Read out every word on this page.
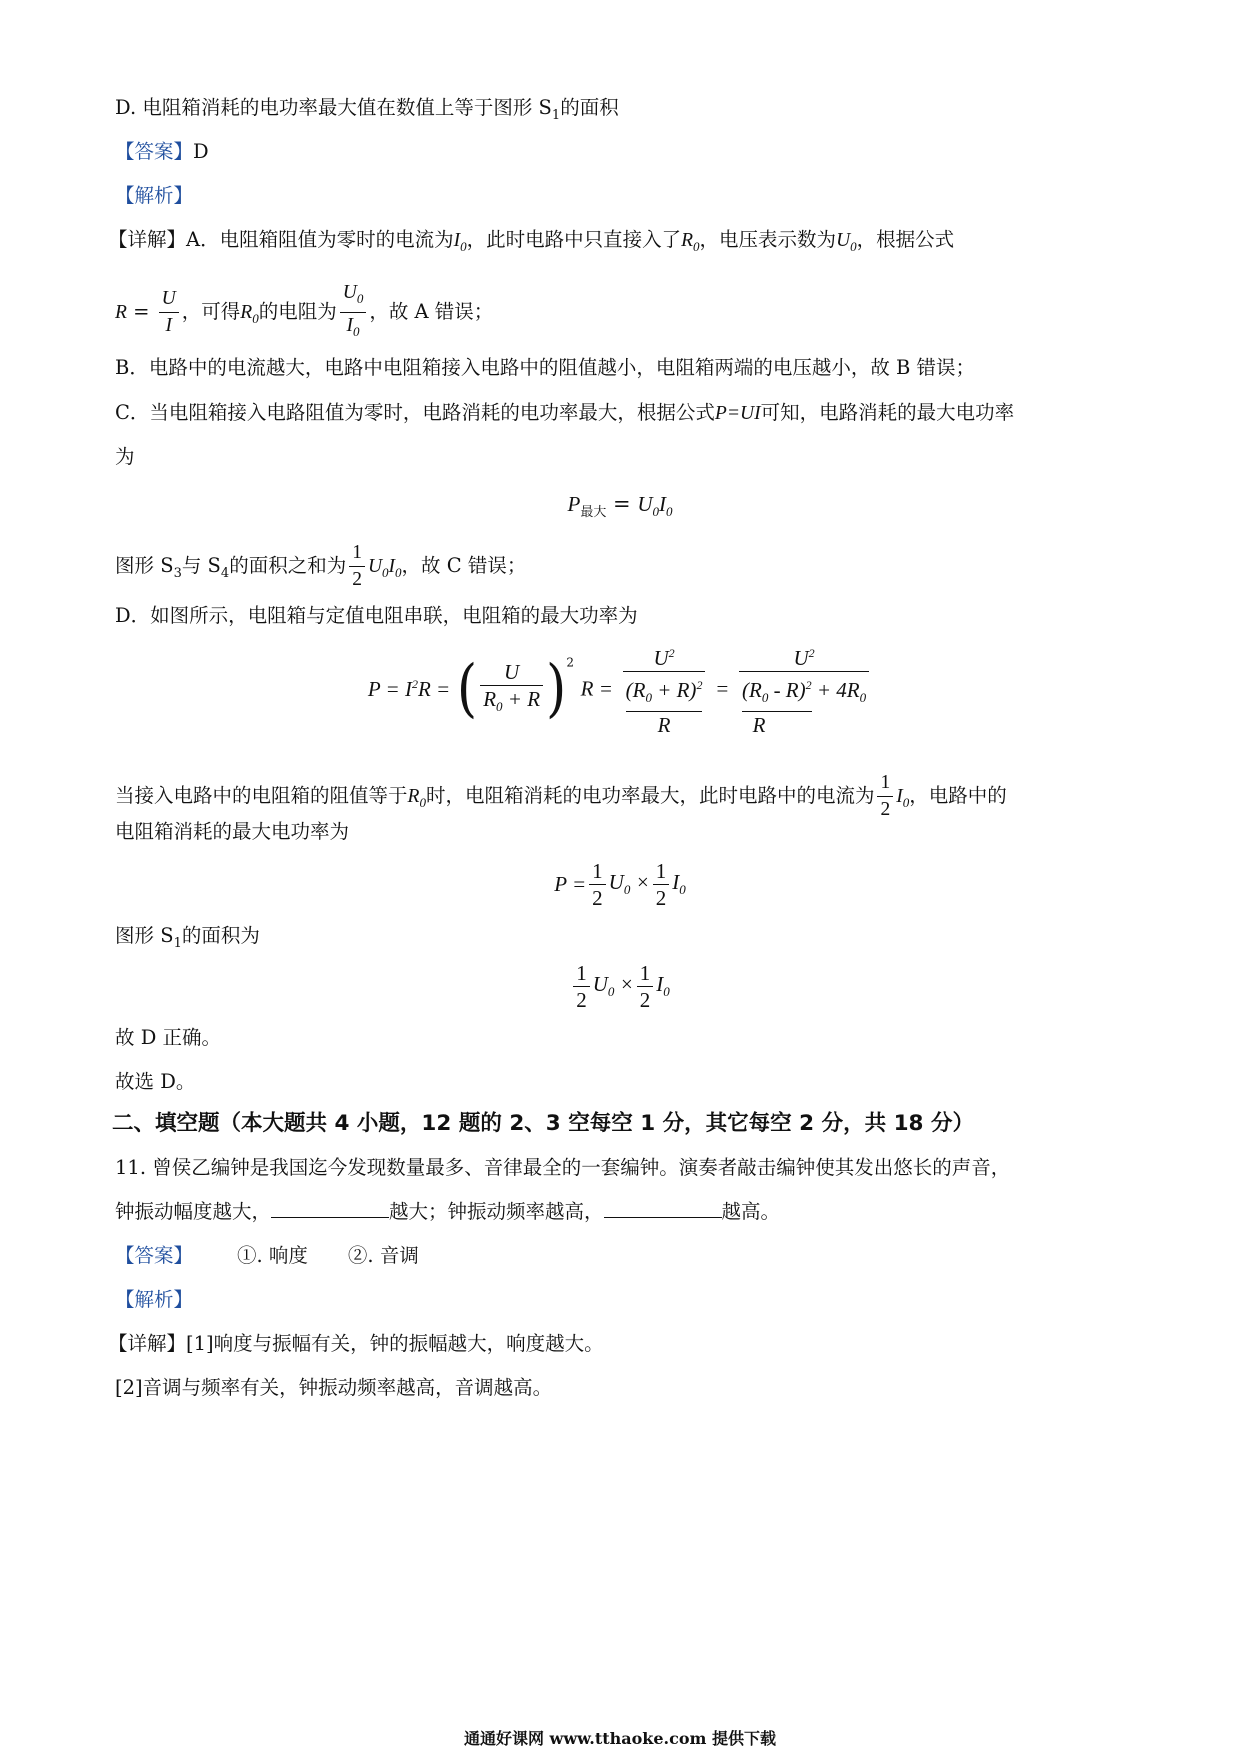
D. 电阻箱消耗的电功率最大值在数值上等于图形 $S_1$的面积
【答案】D
【解析】
【详解】A．电阻箱阻值为零时的电流为$I_0$，此时电路中只直接入了$R_0$，电压表示数为$U_0$，根据公式
$R = \frac{U}{I}$ ，可得$R_0$的电阻为 $\frac{U_0}{I_0}$ ，故 A 错误；
B．电路中的电流越大，电路中电阻箱接入电路中的阻值越小，电阻箱两端的电压越小，故 B 错误；
C．当电阻箱接入电路阻值为零时，电路消耗的电功率最大，根据公式P=UI可知，电路消耗的最大电功率
为
$P_{最大} = U_0I_0$
图形 $S_3$与 $S_4$的面积之和为 $\frac{1}{2} U_0I_0$，故 C 错误；
D．如图所示，电阻箱与定值电阻串联，电阻箱的最大功率为
$P = I^2R$ = ( $\frac{U}{R_0 + R} )^2$ R =
$U^2$
$(R_0 + R)^2$
R
=
$U^2$
$(R_0 - R)^2 + 4R_0$
R
当接入电路中的电阻箱的阻值等于$R_0$时，电阻箱消耗的电功率最大，此时电路中的电流为 $\frac{1}{2} I_0$，电路中的
电阻箱消耗的最大电功率为
$P = \frac{1}{2} U_0 \times \frac{1}{2} I_0$
图形 $S_1$的面积为
$\frac{1}{2} U_0 \times \frac{1}{2} I_0$
故 D 正确。
故选 D。
二、填空题（本大题共 4 小题，12 题的 2、3 空每空 1 分，其它每空 2 分，共 18 分）
11. 曾侯乙编钟是我国迄今发现数量最多、音律最全的一套编钟。演奏者敲击编钟使其发出悠长的声音，
钟振动幅度越大，	越大；钟振动频率越高，	越高。
【答案】 ①. 响度 ②. 音调
【解析】
【详解】[1]响度与振幅有关，钟的振幅越大，响度越大。
[2]音调与频率有关，钟振动频率越高，音调越高。
通通好课网 www.tthaoke.com 提供下载
